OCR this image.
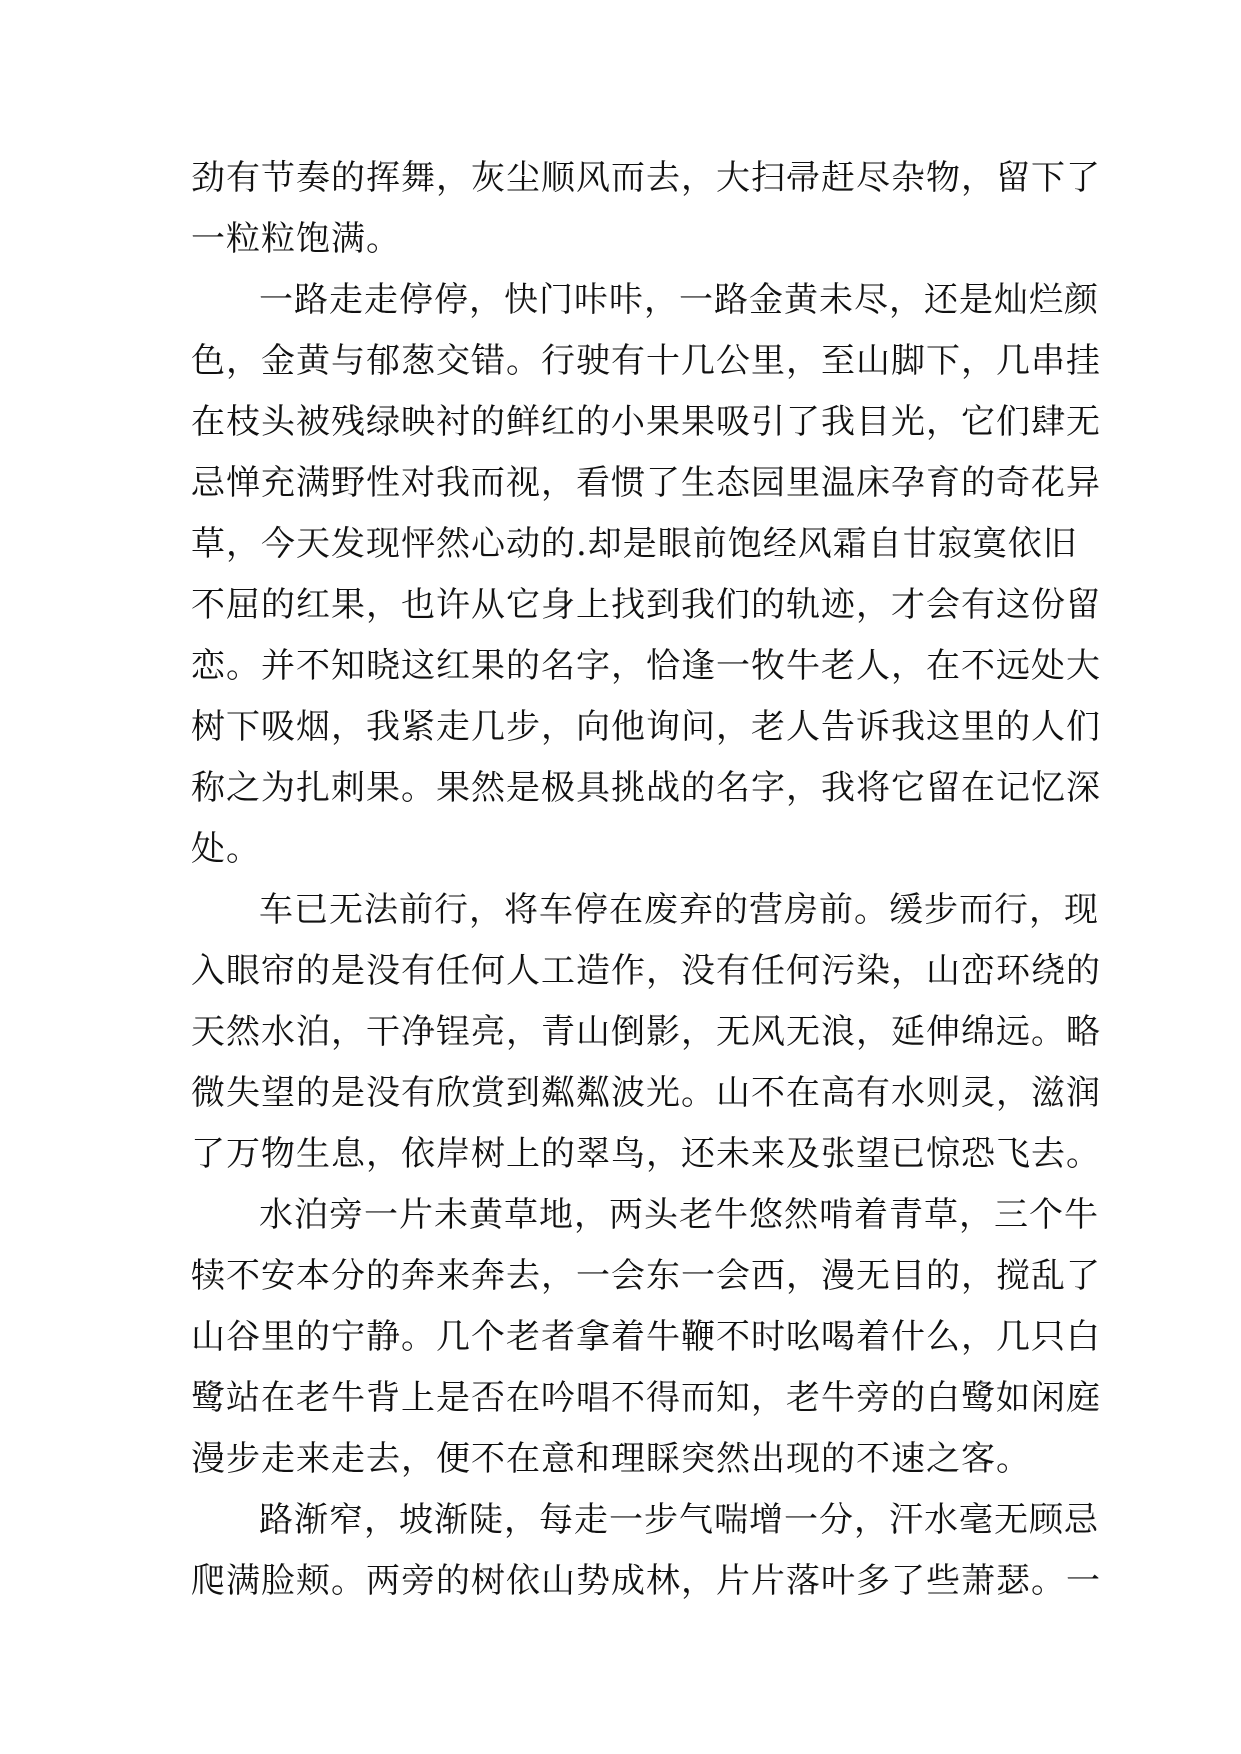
劲有节奏的挥舞，灰尘顺风而去，大扫帚赶尽杂物，留下了
一粒粒饱满。
一路走走停停，快门咔咔，一路金黄未尽，还是灿烂颜
色，金黄与郁葱交错。行驶有十几公里，至山脚下，几串挂
在枝头被残绿映衬的鲜红的小果果吸引了我目光，它们肆无
忌惮充满野性对我而视，看惯了生态园里温床孕育的奇花异
草，今天发现怦然心动的.却是眼前饱经风霜自甘寂寞依旧
不屈的红果，也许从它身上找到我们的轨迹，才会有这份留
恋。并不知晓这红果的名字，恰逢一牧牛老人，在不远处大
树下吸烟，我紧走几步，向他询问，老人告诉我这里的人们
称之为扎刺果。果然是极具挑战的名字，我将它留在记忆深
处。
车已无法前行，将车停在废弃的营房前。缓步而行，现
入眼帘的是没有任何人工造作，没有任何污染，山峦环绕的
天然水泊，干净锃亮，青山倒影，无风无浪，延伸绵远。略
微失望的是没有欣赏到粼粼波光。山不在高有水则灵，滋润
了万物生息，依岸树上的翠鸟，还未来及张望已惊恐飞去。
水泊旁一片未黄草地，两头老牛悠然啃着青草，三个牛
犊不安本分的奔来奔去，一会东一会西，漫无目的，搅乱了
山谷里的宁静。几个老者拿着牛鞭不时吆喝着什么，几只白
鹭站在老牛背上是否在吟唱不得而知，老牛旁的白鹭如闲庭
漫步走来走去，便不在意和理睬突然出现的不速之客。
路渐窄，坡渐陡，每走一步气喘增一分，汗水毫无顾忌
爬满脸颊。两旁的树依山势成林，片片落叶多了些萧瑟。一
